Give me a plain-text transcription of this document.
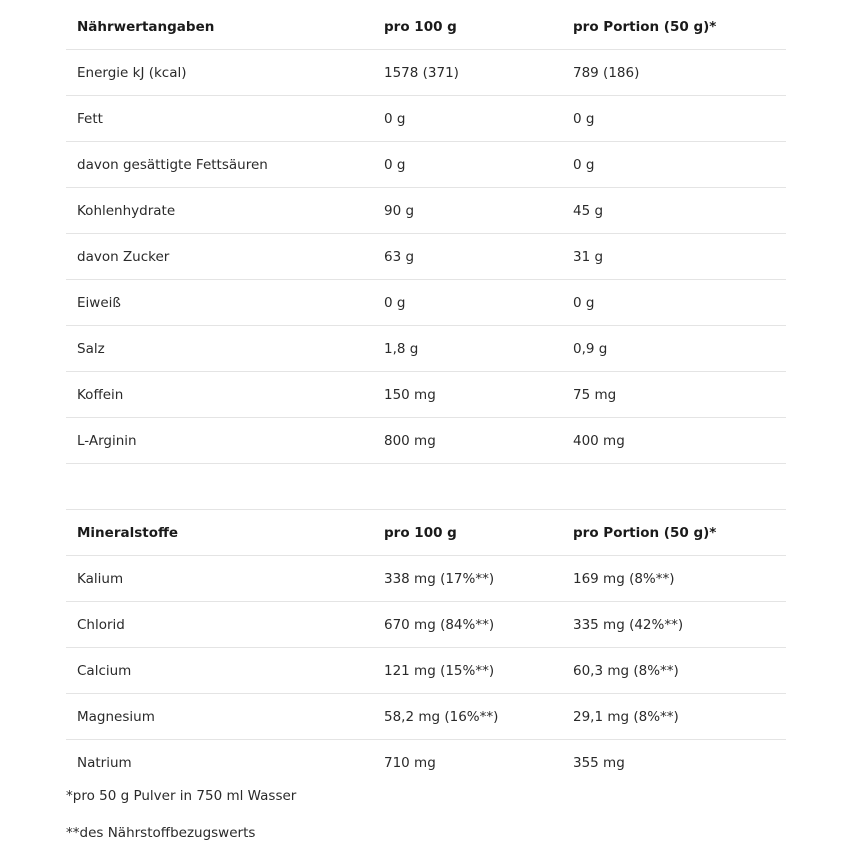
Nährwertangaben	pro 100 g	pro Portion (50 g)*
Energie kJ (kcal)	1578 (371)	789 (186)
Fett	0 g	0 g
davon gesättigte Fettsäuren	0 g	0 g
Kohlenhydrate	90 g	45 g
davon Zucker	63 g	31 g
Eiweiß	0 g	0 g
Salz	1,8 g	0,9 g
Koffein	150 mg	75 mg
L-Arginin	800 mg	400 mg
Mineralstoffe	pro 100 g	pro Portion (50 g)*
Kalium	338 mg (17%**)	169 mg (8%**)
Chlorid	670 mg (84%**)	335 mg (42%**)
Calcium	121 mg (15%**)	60,3 mg (8%**)
Magnesium	58,2 mg (16%**)	29,1 mg (8%**)
Natrium	710 mg	355 mg
*pro 50 g Pulver in 750 ml Wasser
**des Nährstoffbezugswerts
